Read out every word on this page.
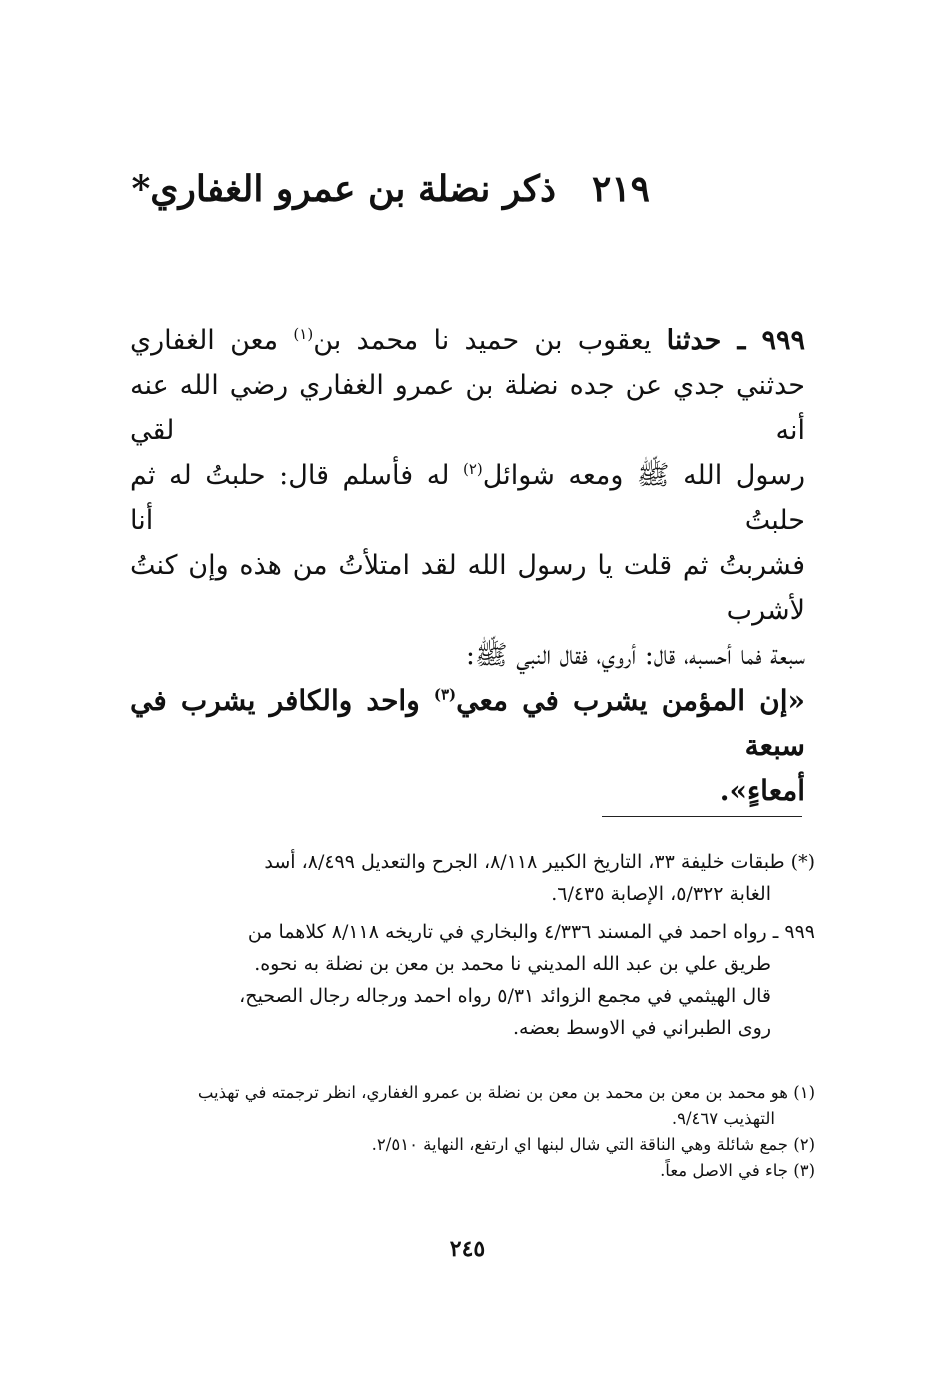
٢١٩ذكر نضلة بن عمرو الغفاري*
٩٩٩ ـ حدثنا يعقوب بن حميد نا محمد بن$^{(١)}$ معن الغفاري
حدثني جدي عن جده نضلة بن عمرو الغفاري رضي الله عنه أنه لقي
رسول الله ﷺ ومعه شوائل$^{(٢)}$ له فأسلم قال: حلبتُ له ثم حلبتُ أنا
فشربتُ ثم قلت يا رسول الله لقد امتلأتُ من هذه وإن كنتُ لأشرب
سبعة فما أحسبه، قال: أروي، فقال النبي ﷺ:
«إن المؤمن يشرب في معي$^{(٣)}$ واحد والكافر يشرب في سبعة
أمعاءٍ».

(*) طبقات خليفة ٣٣، التاريخ الكبير ٨/١١٨، الجرح والتعديل ٨/٤٩٩، أسد
الغابة ٥/٣٢٢، الإصابة ٦/٤٣٥.

٩٩٩ ـ رواه احمد في المسند ٤/٣٣٦ والبخاري في تاريخه ٨/١١٨ كلاهما من
طريق علي بن عبد الله المديني نا محمد بن معن بن نضلة به نحوه.
قال الهيثمي في مجمع الزوائد ٥/٣١ رواه احمد ورجاله رجال الصحيح،
روى الطبراني في الاوسط بعضه.

(١) هو محمد بن معن بن محمد بن معن بن نضلة بن عمرو الغفاري، انظر ترجمته في تهذيب
التهذيب ٩/٤٦٧.

(٢) جمع شائلة وهي الناقة التي شال لبنها اي ارتفع، النهاية ٢/٥١٠.

(٣) جاء في الاصل معاً.

٢٤٥
